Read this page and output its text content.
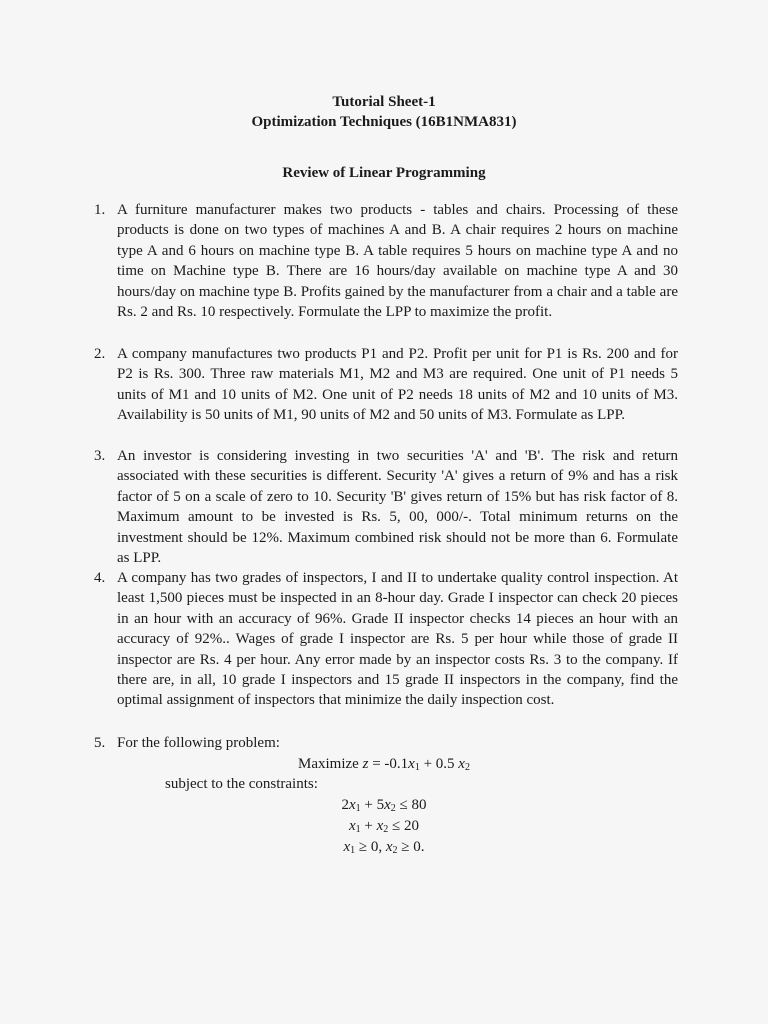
Tutorial Sheet-1
Optimization Techniques (16B1NMA831)
Review of Linear Programming
1. A furniture manufacturer makes two products - tables and chairs. Processing of these products is done on two types of machines A and B. A chair requires 2 hours on machine type A and 6 hours on machine type B. A table requires 5 hours on machine type A and no time on Machine type B. There are 16 hours/day available on machine type A and 30 hours/day on machine type B. Profits gained by the manufacturer from a chair and a table are Rs. 2 and Rs. 10 respectively. Formulate the LPP to maximize the profit.
2. A company manufactures two products P1 and P2. Profit per unit for P1 is Rs. 200 and for P2 is Rs. 300. Three raw materials M1, M2 and M3 are required. One unit of P1 needs 5 units of M1 and 10 units of M2. One unit of P2 needs 18 units of M2 and 10 units of M3. Availability is 50 units of M1, 90 units of M2 and 50 units of M3. Formulate as LPP.
3. An investor is considering investing in two securities 'A' and 'B'. The risk and return associated with these securities is different. Security 'A' gives a return of 9% and has a risk factor of 5 on a scale of zero to 10. Security 'B' gives return of 15% but has risk factor of 8. Maximum amount to be invested is Rs. 5, 00, 000/-. Total minimum returns on the investment should be 12%. Maximum combined risk should not be more than 6. Formulate as LPP.
4. A company has two grades of inspectors, I and II to undertake quality control inspection. At least 1,500 pieces must be inspected in an 8-hour day. Grade I inspector can check 20 pieces in an hour with an accuracy of 96%. Grade II inspector checks 14 pieces an hour with an accuracy of 92%.. Wages of grade I inspector are Rs. 5 per hour while those of grade II inspector are Rs. 4 per hour. Any error made by an inspector costs Rs. 3 to the company. If there are, in all, 10 grade I inspectors and 15 grade II inspectors in the company, find the optimal assignment of inspectors that minimize the daily inspection cost.
5. For the following problem:
Maximize $z = -0.1x_1 + 0.5$ $x_2$
subject to the constraints:
$2x_1 + 5x_2 \le 80$
$x_1 + x_2 \le 20$
$x_1 \ge 0$, $x_2 \ge 0$.
